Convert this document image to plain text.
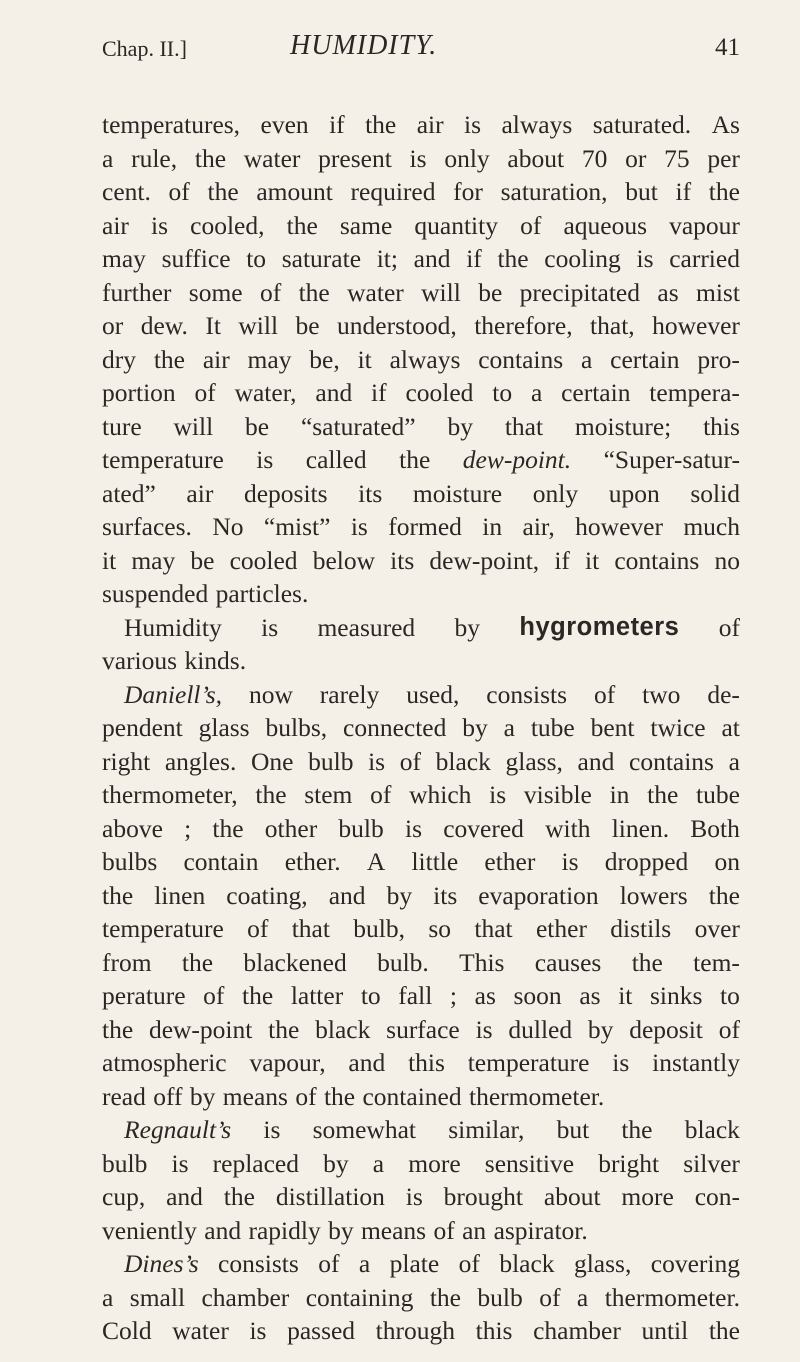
Chap. II.]	HUMIDITY.	41
temperatures, even if the air is always saturated. As
a rule, the water present is only about 70 or 75 per
cent. of the amount required for saturation, but if the
air is cooled, the same quantity of aqueous vapour
may suffice to saturate it; and if the cooling is carried
further some of the water will be precipitated as mist
or dew. It will be understood, therefore, that, however
dry the air may be, it always contains a certain pro-
portion of water, and if cooled to a certain tempera-
ture will be “saturated” by that moisture; this
temperature is called the dew-point. “Super-satur-
ated” air deposits its moisture only upon solid
surfaces. No “mist” is formed in air, however much
it may be cooled below its dew-point, if it contains no
suspended particles.
Humidity is measured by hygrometers of
various kinds.
Daniell’s, now rarely used, consists of two de-
pendent glass bulbs, connected by a tube bent twice at
right angles. One bulb is of black glass, and contains a
thermometer, the stem of which is visible in the tube
above ; the other bulb is covered with linen. Both
bulbs contain ether. A little ether is dropped on
the linen coating, and by its evaporation lowers the
temperature of that bulb, so that ether distils over
from the blackened bulb. This causes the tem-
perature of the latter to fall ; as soon as it sinks to
the dew-point the black surface is dulled by deposit of
atmospheric vapour, and this temperature is instantly
read off by means of the contained thermometer.
Regnault’s is somewhat similar, but the black
bulb is replaced by a more sensitive bright silver
cup, and the distillation is brought about more con-
veniently and rapidly by means of an aspirator.
Dines’s consists of a plate of black glass, covering
a small chamber containing the bulb of a thermometer.
Cold water is passed through this chamber until the
